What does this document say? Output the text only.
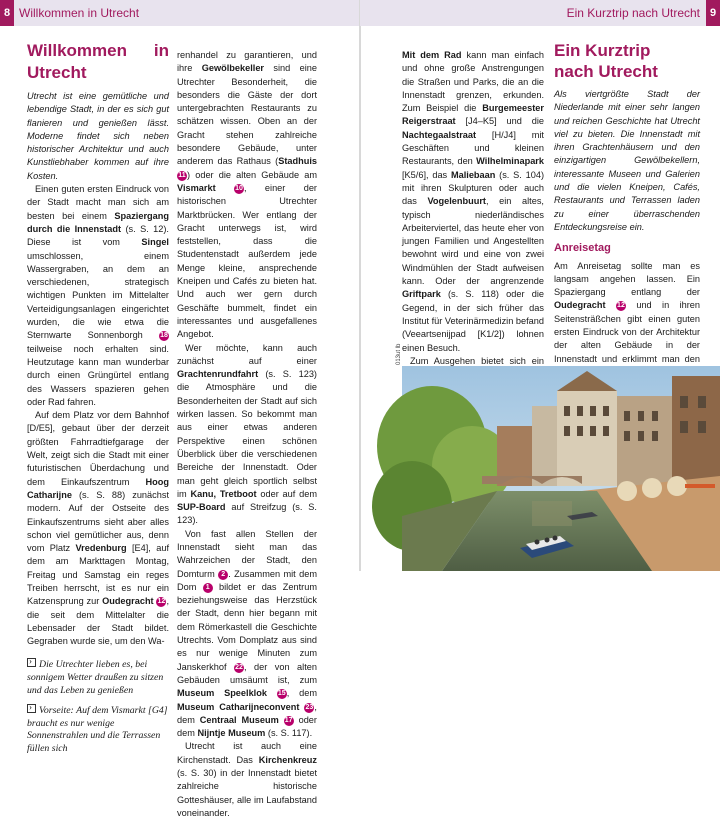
8 Willkommen in Utrecht
Willkommen in Utrecht

Utrecht ist eine gemütliche und lebendige Stadt, in der es sich gut flanieren und genießen lässt. Moderne findet sich neben historischer Architektur und auch Kunstliebhaber kommen auf ihre Kosten.

Einen guten ersten Eindruck von der Stadt macht man sich am besten bei einem Spaziergang durch die Innenstadt (s. S. 12). Diese ist vom Singel umschlossen, einem Wassergraben, an dem an verschiedenen, strategisch wichtigen Punkten im Mittelalter Verteidigungsanlagen eingerichtet wurden, die wie etwa die Sternwarte Sonnenborgh 18 teilweise noch erhalten sind. Heutzutage kann man wunderbar durch einen Grüngürtel entlang des Wassers spazieren gehen oder Rad fahren.

Auf dem Platz vor dem Bahnhof [D/E5], gebaut über der derzeit größten Fahrradtiefgarage der Welt, zeigt sich die Stadt mit einer futuristischen Überdachung und dem Einkaufszentrum Hoog Catharijne (s. S. 88) zunächst modern. Auf der Ostseite des Einkaufszentrums sieht aber alles schon viel gemütlicher aus, denn vom Platz Vredenburg [E4], auf dem am Markttagen Montag, Freitag und Samstag ein reges Treiben herrscht, ist es nur ein Katzensprung zur Oudegracht 12, die seit dem Mittelalter die Lebensader der Stadt bildet. Gegraben wurde sie, um den Wa-

›Die Utrechter lieben es, bei sonnigem Wetter draußen zu sitzen und das Leben zu genießen
›Vorseite: Auf dem Vismarkt [G4] braucht es nur wenige Sonnenstrahlen und die Terrassen füllen sich

renhandel zu garantieren, und ihre Gewölbekeller sind eine Utrechter Besonderheit, die besonders die Gäste der dort untergebrachten Restaurants zu schätzen wissen. Oben an der Gracht stehen zahlreiche besondere Gebäude, unter anderem das Rathaus (Stadhuis 11) oder die alten Gebäude am Vismarkt	10, einer der historischen Utrechter Marktbrücken. Wer entlang der Gracht unterwegs ist, wird feststellen, dass die Studentenstadt außerdem jede Menge kleine, ansprechende Kneipen und Cafés zu bieten hat. Und auch wer gern durch Geschäfte bummelt, findet ein interessantes und ausgefallenes Angebot.

Wer möchte, kann auch zunächst auf einer Grachtenrundfahrt (s. S. 123) die Atmosphäre und die Besonderheiten der Stadt auf sich wirken lassen. So bekommt man aus einer etwas anderen Perspektive einen schönen Überblick über die verschiedenen Bereiche der Innenstadt. Oder man geht gleich sportlich selbst im Kanu, Tretboot oder auf dem SUP-Board auf Streifzug (s. S. 123).

Von fast allen Stellen der Innenstadt sieht man das Wahrzeichen der Stadt, den Domturm 2 . Zusammen mit dem Dom 1 bildet er das Zentrum beziehungsweise das Herzstück der Stadt, denn hier begann mit dem Römerkastell die Geschichte Utrechts. Vom Domplatz aus sind es nur wenige Minuten zum Janskerkhof 22, der von alten Gebäuden umsäumt ist, zum Museum Speelklok 15, dem Museum Catharijneconvent 23, dem Centraal Museum 17 oder dem Nijntje Museum (s. S. 117).

Utrecht ist auch eine Kirchenstadt. Das Kirchenkreuz (s. S. 30) in der Innenstadt bietet zahlreiche historische Gotteshäuser, alle im Laufabstand voneinander.

Ein Kurztrip nach Utrecht 9

Mit dem Rad kann man einfach und ohne große Anstrengungen die Straßen und Parks, die an die Innenstadt grenzen, erkunden. Zum Beispiel die Burgemeester Reigerstraat [J4–K5] und die Nachtegaalstraat [H/J4] mit Geschäften und kleinen Restaurants, den Wilhelminapark [K5/6], das Maliebaan (s. S. 104) mit ihren Skulpturen oder auch das Vogelenbuurt, ein altes, typisch niederländisches Arbeiterviertel, das heute eher von jungen Familien und Angestellten bewohnt wird und eine von zwei Windmühlen der Stadt aufweisen kann. Oder der angrenzende Griftpark (s. S. 118) oder die Gegend, in der sich früher das Institut für Veterinärmedizin befand (Veeartsenijpad [K1/2]) lohnen einen Besuch.

Zum Ausgehen bietet sich ein

Ein Kurztrip
nach Utrecht

Als viertgrößte Stadt der Niederlande mit einer sehr langen und reichen Geschichte hat Utrecht viel zu bieten. Die Innenstadt mit ihren Grachtenhäusern und den einzigartigen Gewölbekellern, interessante Museen und Galerien und die vielen Kneipen, Cafés, Restaurants und Terrassen laden zu einer überraschenden Entdeckungsreise ein.

Anreisetag

Am Anreisetag sollte man es langsam angehen lassen. Ein Spaziergang entlang der Oudegracht 12 und in ihren Seitensträßchen gibt einen guten ersten Eindruck von der Architektur der alten Gebäude in der Innenstadt und erklimmt man den

013ut lb
